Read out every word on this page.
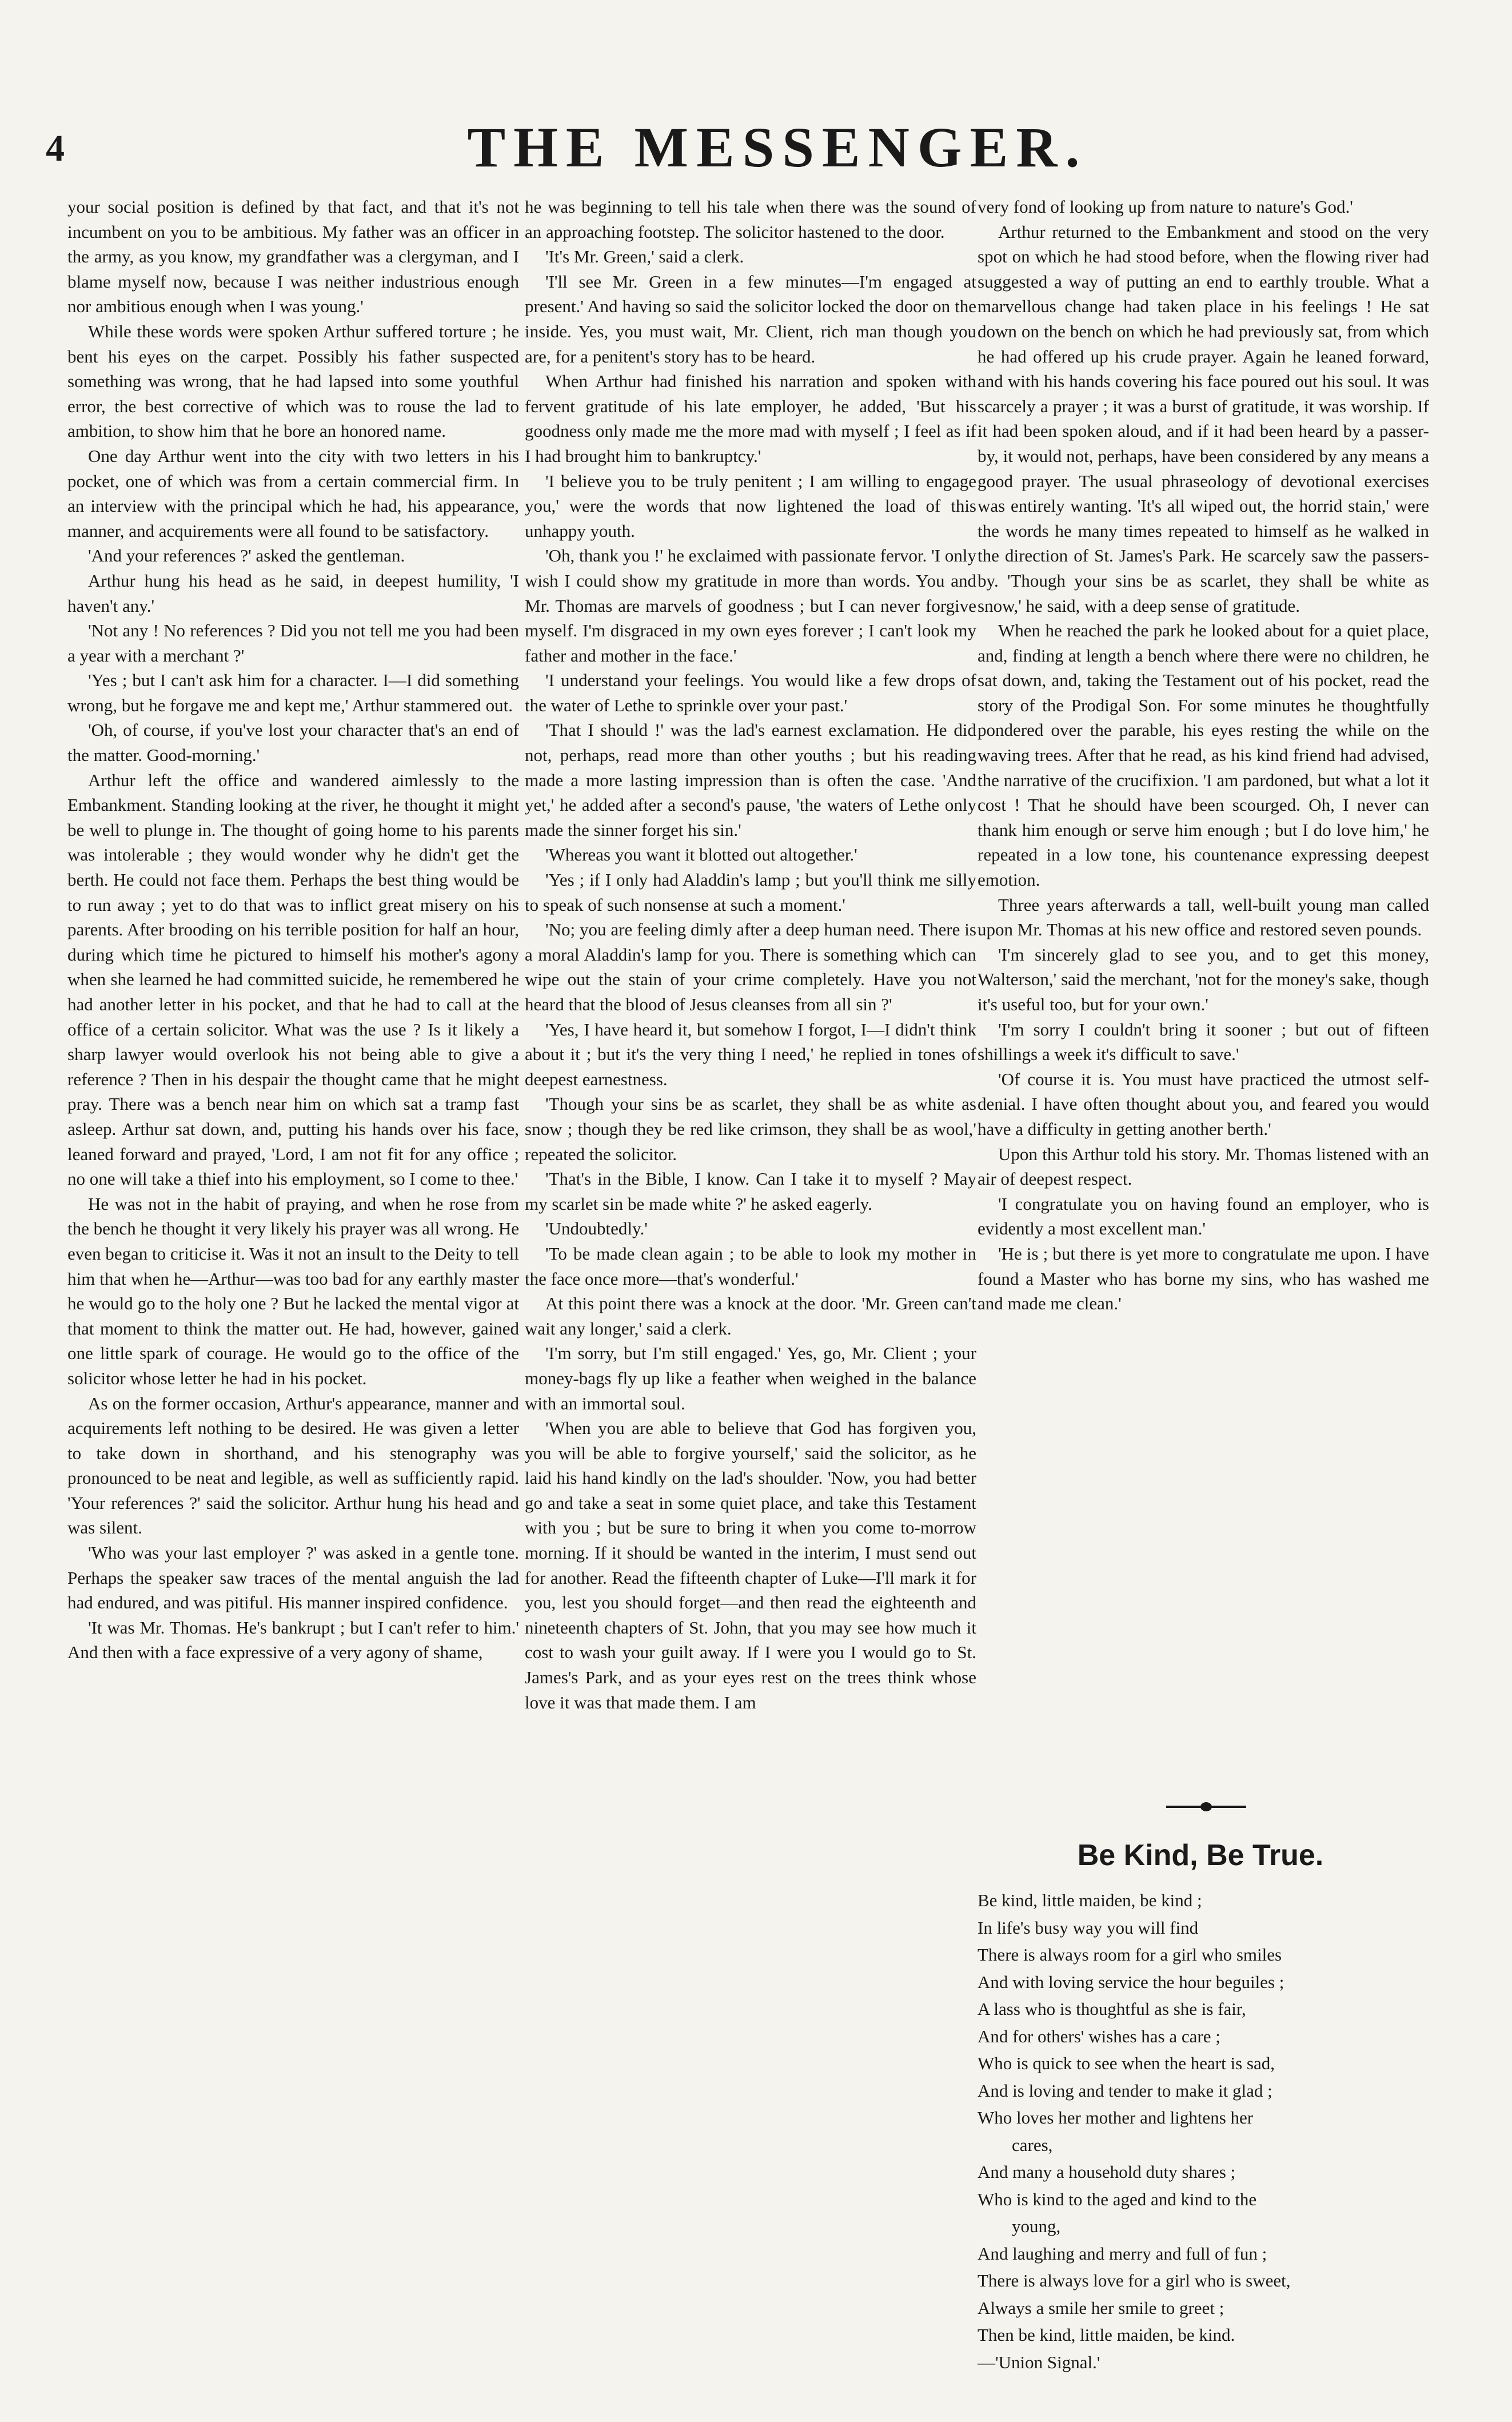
4	THE MESSENGER.

your social position is defined by that fact, and that it's not incumbent on you to be ambitious. My father was an officer in the army, as you know, my grandfather was a clergyman, and I blame myself now, because I was neither industrious enough nor ambitious enough when I was young.'

While these words were spoken Arthur suffered torture ; he bent his eyes on the carpet. Possibly his father suspected something was wrong, that he had lapsed into some youthful error, the best corrective of which was to rouse the lad to ambition, to show him that he bore an honored name.

One day Arthur went into the city with two letters in his pocket, one of which was from a certain commercial firm. In an interview with the principal which he had, his appearance, manner, and acquirements were all found to be satisfactory.

'And your references ?' asked the gentleman.

Arthur hung his head as he said, in deepest humility, 'I haven't any.'

'Not any ! No references ? Did you not tell me you had been a year with a merchant ?'

'Yes ; but I can't ask him for a character. I—I did something wrong, but he forgave me and kept me,' Arthur stammered out.

'Oh, of course, if you've lost your character that's an end of the matter. Good-morning.'

Arthur left the office and wandered aimlessly to the Embankment. Standing looking at the river, he thought it might be well to plunge in. The thought of going home to his parents was intolerable ; they would wonder why he didn't get the berth. He could not face them. Perhaps the best thing would be to run away ; yet to do that was to inflict great misery on his parents. After brooding on his terrible position for half an hour, during which time he pictured to himself his mother's agony when she learned he had committed suicide, he remembered he had another letter in his pocket, and that he had to call at the office of a certain solicitor. What was the use ? Is it likely a sharp lawyer would overlook his not being able to give a reference ? Then in his despair the thought came that he might pray. There was a bench near him on which sat a tramp fast asleep. Arthur sat down, and, putting his hands over his face, leaned forward and prayed, 'Lord, I am not fit for any office ; no one will take a thief into his employment, so I come to thee.'

He was not in the habit of praying, and when he rose from the bench he thought it very likely his prayer was all wrong. He even began to criticise it. Was it not an insult to the Deity to tell him that when he—Arthur—was too bad for any earthly master he would go to the holy one ? But he lacked the mental vigor at that moment to think the matter out. He had, however, gained one little spark of courage. He would go to the office of the solicitor whose letter he had in his pocket.

As on the former occasion, Arthur's appearance, manner and acquirements left nothing to be desired. He was given a letter to take down in shorthand, and his stenography was pronounced to be neat and legible, as well as sufficiently rapid. 'Your references ?' said the solicitor. Arthur hung his head and was silent.

'Who was your last employer ?' was asked in a gentle tone. Perhaps the speaker saw traces of the mental anguish the lad had endured, and was pitiful. His manner inspired confidence.

'It was Mr. Thomas. He's bankrupt ; but I can't refer to him.' And then with a face expressive of a very agony of shame,

he was beginning to tell his tale when there was the sound of an approaching footstep. The solicitor hastened to the door.

'It's Mr. Green,' said a clerk.

'I'll see Mr. Green in a few minutes—I'm engaged at present.' And having so said the solicitor locked the door on the inside. Yes, you must wait, Mr. Client, rich man though you are, for a penitent's story has to be heard.

When Arthur had finished his narration and spoken with fervent gratitude of his late employer, he added, 'But his goodness only made me the more mad with myself ; I feel as if I had brought him to bankruptcy.'

'I believe you to be truly penitent ; I am willing to engage you,' were the words that now lightened the load of this unhappy youth.

'Oh, thank you !' he exclaimed with passionate fervor. 'I only wish I could show my gratitude in more than words. You and Mr. Thomas are marvels of goodness ; but I can never forgive myself. I'm disgraced in my own eyes forever ; I can't look my father and mother in the face.'

'I understand your feelings. You would like a few drops of the water of Lethe to sprinkle over your past.'

'That I should !' was the lad's earnest exclamation. He did not, perhaps, read more than other youths ; but his reading made a more lasting impression than is often the case. 'And yet,' he added after a second's pause, 'the waters of Lethe only made the sinner forget his sin.'

'Whereas you want it blotted out altogether.'

'Yes ; if I only had Aladdin's lamp ; but you'll think me silly to speak of such nonsense at such a moment.'

'No; you are feeling dimly after a deep human need. There is a moral Aladdin's lamp for you. There is something which can wipe out the stain of your crime completely. Have you not heard that the blood of Jesus cleanses from all sin ?'

'Yes, I have heard it, but somehow I forgot, I—I didn't think about it ; but it's the very thing I need,' he replied in tones of deepest earnestness.

'Though your sins be as scarlet, they shall be as white as snow ; though they be red like crimson, they shall be as wool,' repeated the solicitor.

'That's in the Bible, I know. Can I take it to myself ? May my scarlet sin be made white ?' he asked eagerly.

'Undoubtedly.'

'To be made clean again ; to be able to look my mother in the face once more—that's wonderful.'

At this point there was a knock at the door. 'Mr. Green can't wait any longer,' said a clerk.

'I'm sorry, but I'm still engaged.' Yes, go, Mr. Client ; your money-bags fly up like a feather when weighed in the balance with an immortal soul.

'When you are able to believe that God has forgiven you, you will be able to forgive yourself,' said the solicitor, as he laid his hand kindly on the lad's shoulder. 'Now, you had better go and take a seat in some quiet place, and take this Testament with you ; but be sure to bring it when you come to-morrow morning. If it should be wanted in the interim, I must send out for another. Read the fifteenth chapter of Luke—I'll mark it for you, lest you should forget—and then read the eighteenth and nineteenth chapters of St. John, that you may see how much it cost to wash your guilt away. If I were you I would go to St. James's Park, and as your eyes rest on the trees think whose love it was that made them. I am

very fond of looking up from nature to nature's God.'

Arthur returned to the Embankment and stood on the very spot on which he had stood before, when the flowing river had suggested a way of putting an end to earthly trouble. What a marvellous change had taken place in his feelings ! He sat down on the bench on which he had previously sat, from which he had offered up his crude prayer. Again he leaned forward, and with his hands covering his face poured out his soul. It was scarcely a prayer ; it was a burst of gratitude, it was worship. If it had been spoken aloud, and if it had been heard by a passer-by, it would not, perhaps, have been considered by any means a good prayer. The usual phraseology of devotional exercises was entirely wanting. 'It's all wiped out, the horrid stain,' were the words he many times repeated to himself as he walked in the direction of St. James's Park. He scarcely saw the passers-by. 'Though your sins be as scarlet, they shall be white as snow,' he said, with a deep sense of gratitude.

When he reached the park he looked about for a quiet place, and, finding at length a bench where there were no children, he sat down, and, taking the Testament out of his pocket, read the story of the Prodigal Son. For some minutes he thoughtfully pondered over the parable, his eyes resting the while on the waving trees. After that he read, as his kind friend had advised, the narrative of the crucifixion. 'I am pardoned, but what a lot it cost ! That he should have been scourged. Oh, I never can thank him enough or serve him enough ; but I do love him,' he repeated in a low tone, his countenance expressing deepest emotion.

Three years afterwards a tall, well-built young man called upon Mr. Thomas at his new office and restored seven pounds.

'I'm sincerely glad to see you, and to get this money, Walterson,' said the merchant, 'not for the money's sake, though it's useful too, but for your own.'

'I'm sorry I couldn't bring it sooner ; but out of fifteen shillings a week it's difficult to save.'

'Of course it is. You must have practiced the utmost self-denial. I have often thought about you, and feared you would have a difficulty in getting another berth.'

Upon this Arthur told his story. Mr. Thomas listened with an air of deepest respect.

'I congratulate you on having found an employer, who is evidently a most excellent man.'

'He is ; but there is yet more to congratulate me upon. I have found a Master who has borne my sins, who has washed me and made me clean.'

Be Kind, Be True.
Be kind, little maiden, be kind ;
In life's busy way you will find
There is always room for a girl who smiles
And with loving service the hour beguiles ;
A lass who is thoughtful as she is fair,
And for others' wishes has a care ;
Who is quick to see when the heart is sad,
And is loving and tender to make it glad ;
Who loves her mother and lightens her
cares,
And many a household duty shares ;
Who is kind to the aged and kind to the
young,
And laughing and merry and full of fun ;
There is always love for a girl who is sweet,
Always a smile her smile to greet ;
Then be kind, little maiden, be kind.
—'Union Signal.'
